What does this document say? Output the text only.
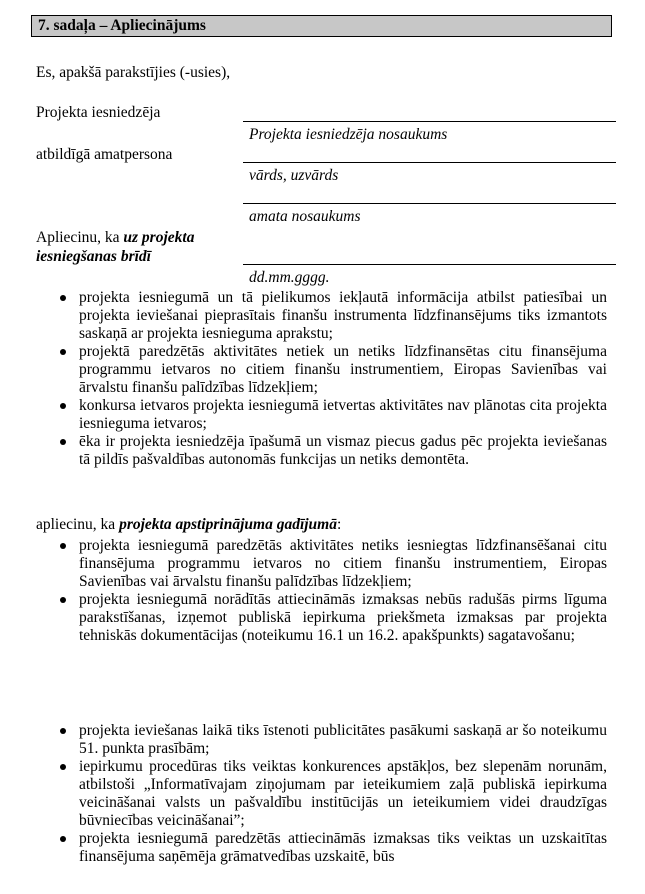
7. sadaļa – Apliecinājums
Es, apakšā parakstījies (-usies),
Projekta iesniedzēja
Projekta iesniedzēja nosaukums
atbildīgā amatpersona
vārds, uzvārds
amata nosaukums
Apliecinu, ka uz projekta
iesniegšanas brīdī
dd.mm.gggg.
projekta iesniegumā un tā pielikumos iekļautā informācija atbilst patiesībai un projekta ieviešanai pieprasītais finanšu instrumenta līdzfinansējums tiks izmantots saskaņā ar projekta iesnieguma aprakstu;
projektā paredzētās aktivitātes netiek un netiks līdzfinansētas citu finansējuma programmu ietvaros no citiem finanšu instrumentiem, Eiropas Savienības vai ārvalstu finanšu palīdzības līdzekļiem;
konkursa ietvaros projekta iesniegumā ietvertas aktivitātes nav plānotas cita projekta iesnieguma ietvaros;
ēka ir projekta iesniedzēja īpašumā un vismaz piecus gadus pēc projekta ieviešanas tā pildīs pašvaldības autonomās funkcijas un netiks demontēta.
apliecinu, ka projekta apstiprinājuma gadījumā:
projekta iesniegumā paredzētās aktivitātes netiks iesniegtas līdzfinansēšanai citu finansējuma programmu ietvaros no citiem finanšu instrumentiem, Eiropas Savienības vai ārvalstu finanšu palīdzības līdzekļiem;
projekta iesniegumā norādītās attiecināmās izmaksas nebūs radušās pirms līguma parakstīšanas, izņemot publiskā iepirkuma priekšmeta izmaksas par projekta tehniskās dokumentācijas (noteikumu 16.1 un 16.2. apakšpunkts) sagatavošanu;
projekta ieviešanas laikā tiks īstenoti publicitātes pasākumi saskaņā ar šo noteikumu 51. punkta prasībām;
iepirkumu procedūras tiks veiktas konkurences apstākļos, bez slepenām norunām, atbilstoši „Informatīvajam ziņojumam par ieteikumiem zaļā publiskā iepirkuma veicināšanai valsts un pašvaldību institūcijās un ieteikumiem videi draudzīgas būvniecības veicināšanai”;
projekta iesniegumā paredzētās attiecināmās izmaksas tiks veiktas un uzskaitītas finansējuma saņēmēja grāmatvedības uzskaitē, būs
